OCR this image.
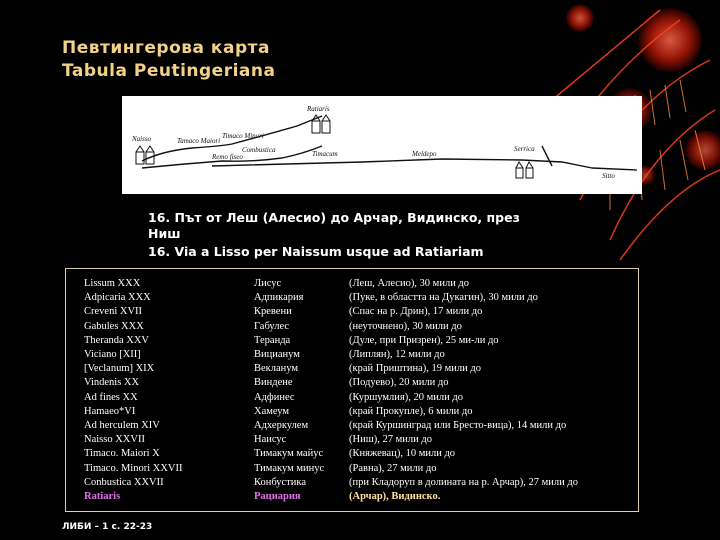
Певтингерова карта
Tabula Peutingeriana
Naisso
Ratiaris
Tamaco Maiori
Timaco Minori
Combustica
Remo fiseo	Timacum	Meldepo
Serrica
Sitto
16. Път от Леш (Алесио) до Арчар, Видинско, през
Ниш
16. Via a Lisso per Naissum usque ad Ratiariam
Lissum XXX
Adpicaria XXX
Creveni XVII
Gabules XXX
Theranda XXV
Viciano [XII]
[Veclanum] XIX
Vindenis XX
Ad fines XX
Hamaeo*VI
Ad herculem XIV
Naisso XXVII
Timaco. Maiori X
Timaco. Minori XXVII
Conbustica XXVII
Ratiaris
Лисус
Адпикария
Кревени
Габулес
Теранда
Вицианум
Векланум
Виндене
Адфинес
Хамеум
Адхеркулем
Наисус
Тимакум майус
Тимакум минус
Конбустика
Рациария
(Леш, Алесио), 30 мили до
(Пуке, в областта на Дукагин), 30 мили до
(Спас на р. Дрин), 17 мили до
(неуточнено), 30 мили до
(Дуле, при Призрен), 25 ми-ли до
(Липлян), 12 мили до
(край Приштина), 19 мили до
(Подуево), 20 мили до
(Куршумлия), 20 мили до
(край Прокупле), 6 мили до
(край Куршинград или Бресто-вица), 14 мили до
(Ниш), 27 мили до
(Княжевац), 10 мили до
(Равна), 27 мили до
(при Кладоруп в долината на р. Арчар), 27 мили до
(Арчар), Видинско.
ЛИБИ – 1 с. 22-23
